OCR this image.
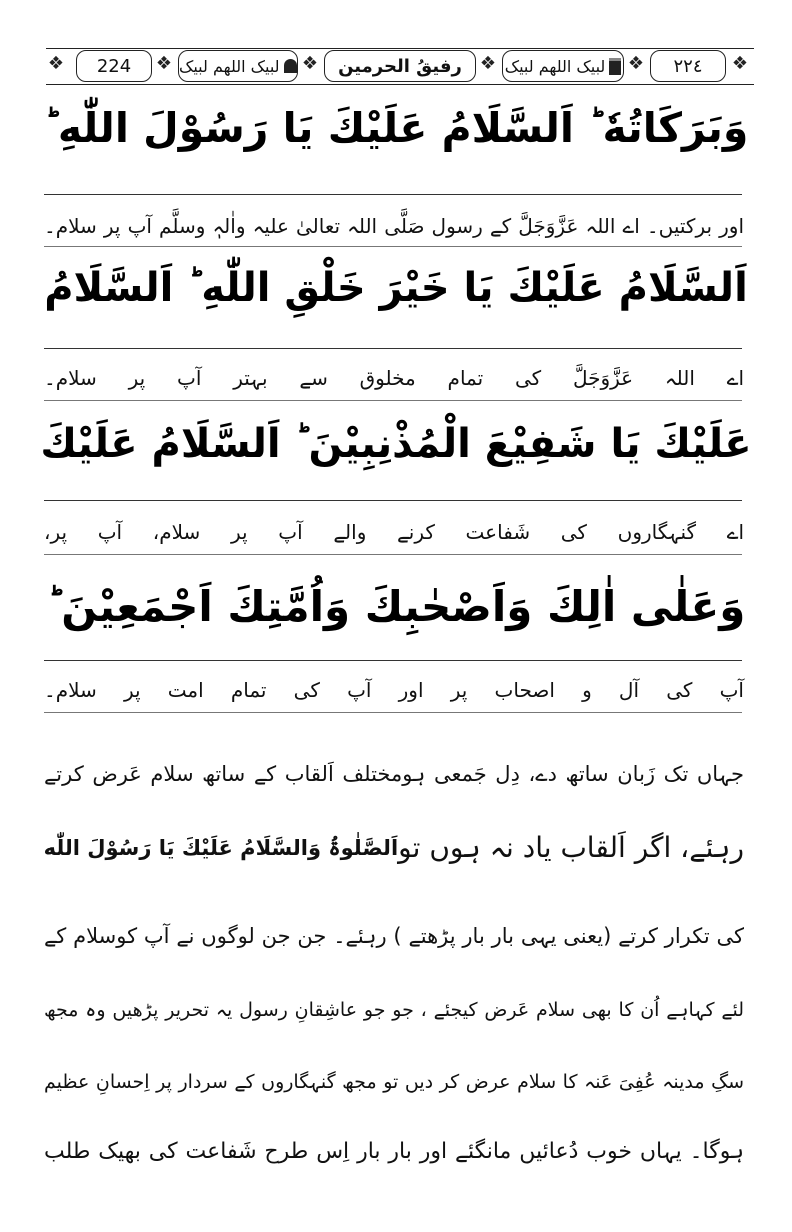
❖	224	❖ لبیک اللھم لبیک ❖	رفیقُ الحرمین	❖ لبیک اللھم لبیک ❖	٢٢٤	❖
وَبَرَكَاتُهٗ ؕ اَلسَّلَامُ عَلَيْكَ يَا رَسُوْلَ اللّٰهِ ؕ
اور برکتیں۔ اے اللہ عَزَّوَجَلَّ کے رسول صَلَّی اللہ تعالیٰ علیہ واٰلہٖ وسلَّم آپ پر سلام۔
اَلسَّلَامُ عَلَيْكَ يَا خَيْرَ خَلْقِ اللّٰهِ ؕ اَلسَّلَامُ
اے اللہ عَزَّوَجَلَّ کی تمام مخلوق سے بہتر آپ پر سلام۔
عَلَيْكَ يَا شَفِيْعَ الْمُذْنِبِيْنَ ؕ اَلسَّلَامُ عَلَيْكَ
اے گنہگاروں کی شَفاعت کرنے والے آپ پر سلام، آپ پر،
وَعَلٰى اٰلِكَ وَاَصْحٰبِكَ وَاُمَّتِكَ اَجْمَعِيْنَ ؕ
آپ کی آل و اصحاب پر اور آپ کی تمام امت پر سلام۔
جہاں تک زَبان ساتھ دے، دِل جَمعی ہومختلف اَلقاب کے ساتھ سلام عَرض کرتے
رہئے، اگر اَلقاب یاد نہ ہوں تو
اَلصَّلٰوۃُ وَالسَّلَامُ عَلَيْكَ يَا رَسُوْلَ اللّٰه
کی تکرار کرتے (یعنی یہی بار بار پڑھتے ) رہئے۔ جن جن لوگوں نے آپ کوسلام کے
لئے کہاہے اُن کا بھی سلام عَرض کیجئے ، جو جو عاشِقانِ رسول یہ تحریر پڑھیں وہ مجھ
سگِ مدینہ عُفِیَ عَنہ کا سلام عرض کر دیں تو مجھ گنہگاروں کے سردار پر اِحسانِ عظیم
ہوگا۔ یہاں خوب دُعائیں مانگئے اور بار بار اِس طرح شَفاعت کی بھیک طلب
